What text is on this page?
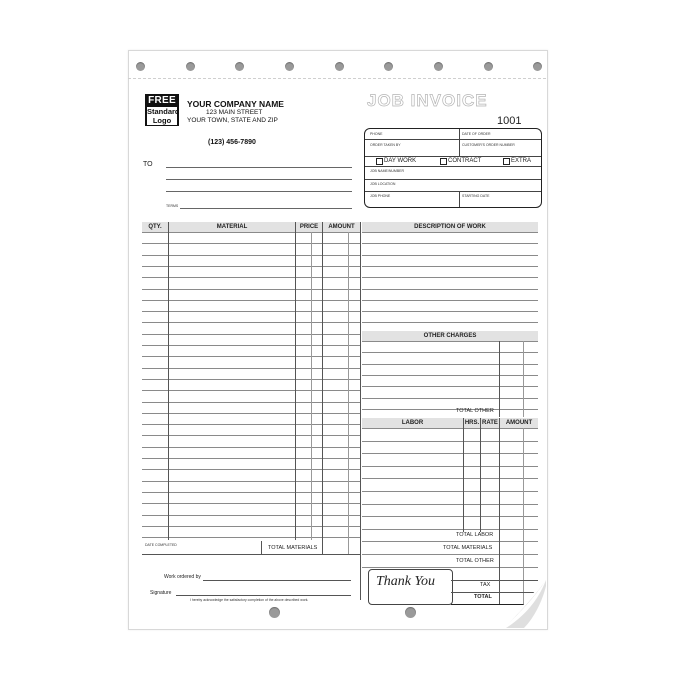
FREE
Standard
Logo
YOUR COMPANY NAME
123 MAIN STREET
YOUR TOWN, STATE AND ZIP
(123) 456-7890
JOB INVOICE
1001
PHONE	DATE OF ORDER
ORDER TAKEN BY	CUSTOMER'S ORDER NUMBER
DAY WORK	CONTRACT	EXTRA
JOB NAME/NUMBER
JOB LOCATION
JOB PHONE	STARTING DATE
TO
TERMS
QTY.	MATERIAL	PRICE	AMOUNT	DESCRIPTION OF WORK
DATE COMPLETED	TOTAL MATERIALS
OTHER CHARGES
TOTAL OTHER
LABOR	HRS. RATE	AMOUNT
TOTAL LABOR
TOTAL MATERIALS
TOTAL OTHER
Thank You	TAX
TOTAL
Work ordered by
Signature
I hereby acknowledge the satisfactory completion of the above described work.
